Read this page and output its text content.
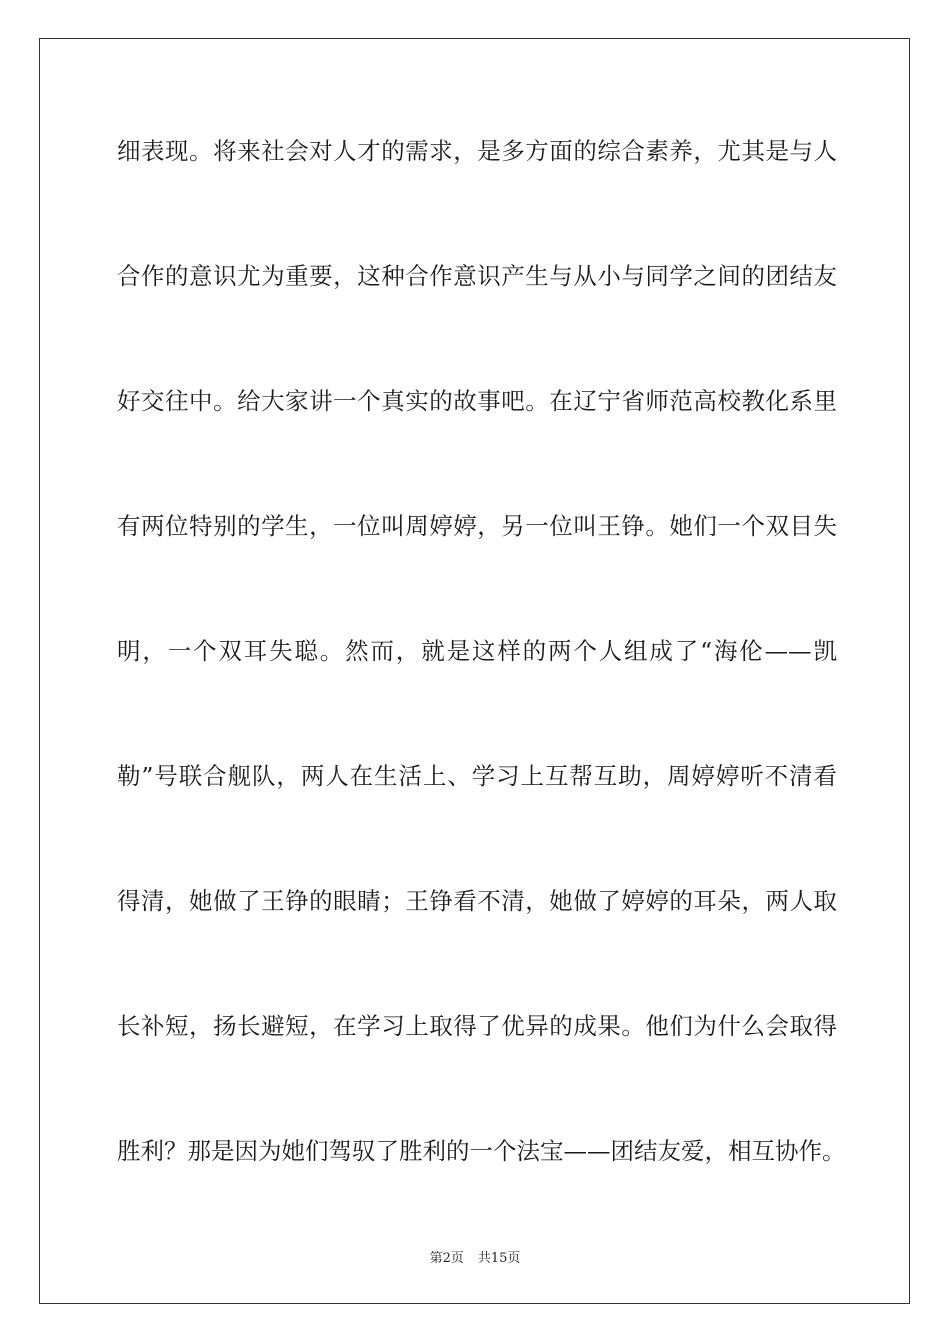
细表现。将来社会对人才的需求，是多方面的综合素养，尤其是与人
合作的意识尤为重要，这种合作意识产生与从小与同学之间的团结友
好交往中。给大家讲一个真实的故事吧。在辽宁省师范高校教化系里
有两位特别的学生，一位叫周婷婷，另一位叫王铮。她们一个双目失
明，一个双耳失聪。然而，就是这样的两个人组成了“海伦——凯
勒”号联合舰队，两人在生活上、学习上互帮互助，周婷婷听不清看
得清，她做了王铮的眼睛；王铮看不清，她做了婷婷的耳朵，两人取
长补短，扬长避短，在学习上取得了优异的成果。他们为什么会取得
胜利？那是因为她们驾驭了胜利的一个法宝——团结友爱，相互协作。
第2页 共15页
